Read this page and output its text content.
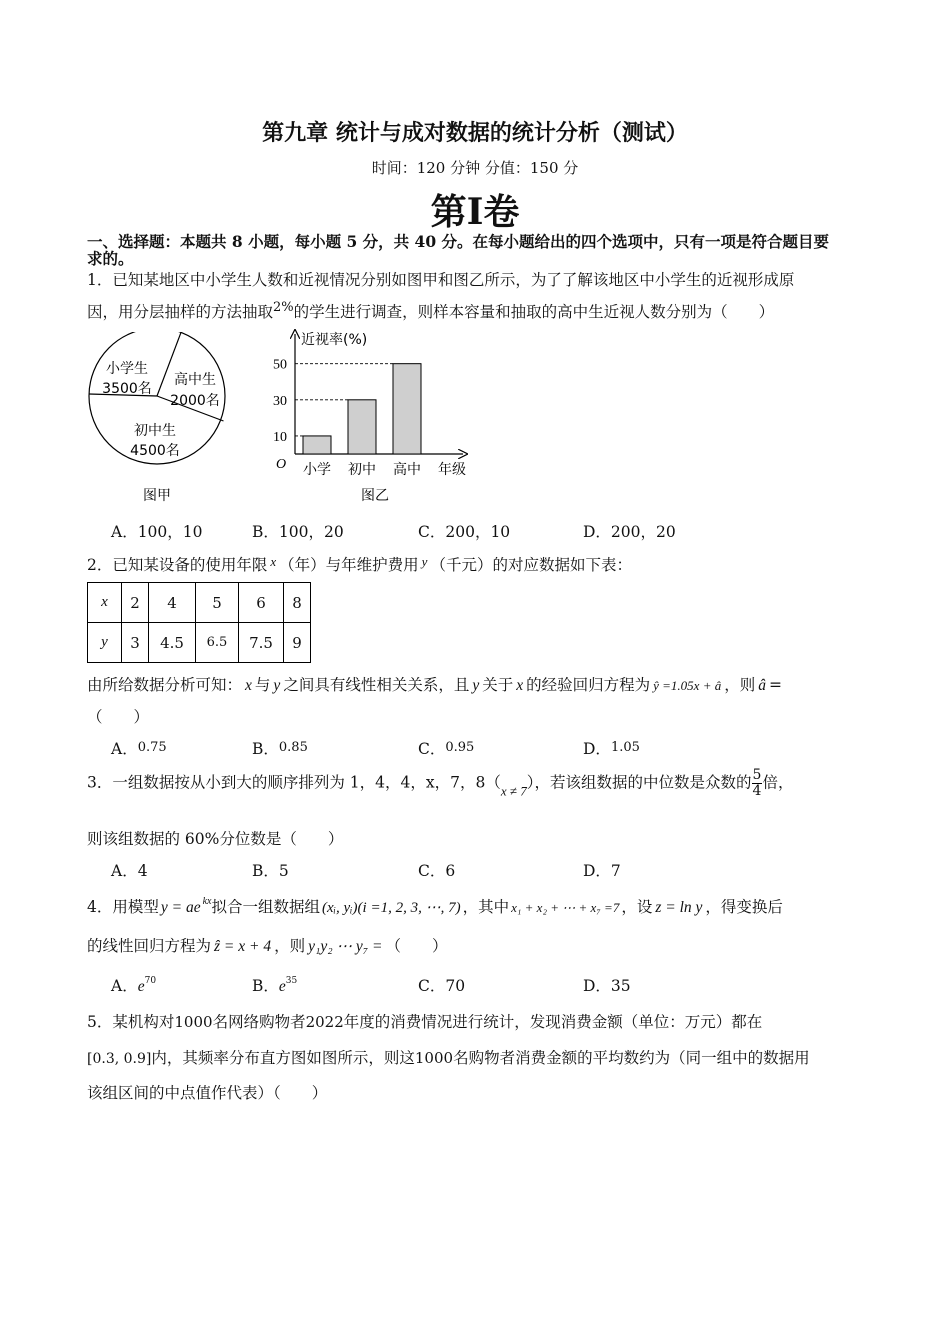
第九章 统计与成对数据的统计分析（测试）
时间：120 分钟 分值：150 分
第Ⅰ卷
一、选择题：本题共 8 小题，每小题 5 分，共 40 分。在每小题给出的四个选项中，只有一项是符合题目要
求的。
1．已知某地区中小学生人数和近视情况分别如图甲和图乙所示，为了了解该地区中小学生的近视形成原
因，用分层抽样的方法抽取$^{2\%}$的学生进行调查，则样本容量和抽取的高中生近视人数分别为（　　）
小学生
3500名
高中生
2000名
初中生
4500名
图甲
近视率(%)
O	年级
10
小学
30
初中
50
高中
图乙
A．100，10	B．100，20	C．200，10	D．200，20
2．已知某设备的使用年限 $^x$ （年）与年维护费用 $^y$ （千元）的对应数据如下表：
x	2	4	5	6	8
y	3	4.5	6.5	7.5	9
由所给数据分析可知： x 与 y 之间具有线性相关关系，且 y 关于 x 的经验回归方程为 ŷ =1.05x + â ，则 â =
（　　）
A．0.75	B．0.85	C．0.95	D．1.05
3．一组数据按从小到大的顺序排列为 1，4，4，x，7，$8(_{x \ne 7})$，若该组数据的中位数是众数的 $\frac{5}{4}$ 倍，
则该组数据的 60%分位数是（　　）
A．4	B．5	C．6	D．7
4．用模型 y = ae $^{kx}$拟合一组数据组 (xᵢ, yᵢ)(i =1, 2, 3, ⋯, 7) ，其中 x₁ + x₂ + ⋯ + x₇ =7 ，设 z = ln y ，得变换后
的线性回归方程为 ẑ = x + 4 ，则 y₁y₂ ⋯ y₇ = （　　）
A．$e^{70}$	B．$e^{35}$	C．70	D．35
5．某机构对1000名网络购物者2022年度的消费情况进行统计，发现消费金额（单位：万元）都在
[0.3, 0.9]内，其频率分布直方图如图所示，则这1000名购物者消费金额的平均数约为（同一组中的数据用
该组区间的中点值作代表）（　　）
